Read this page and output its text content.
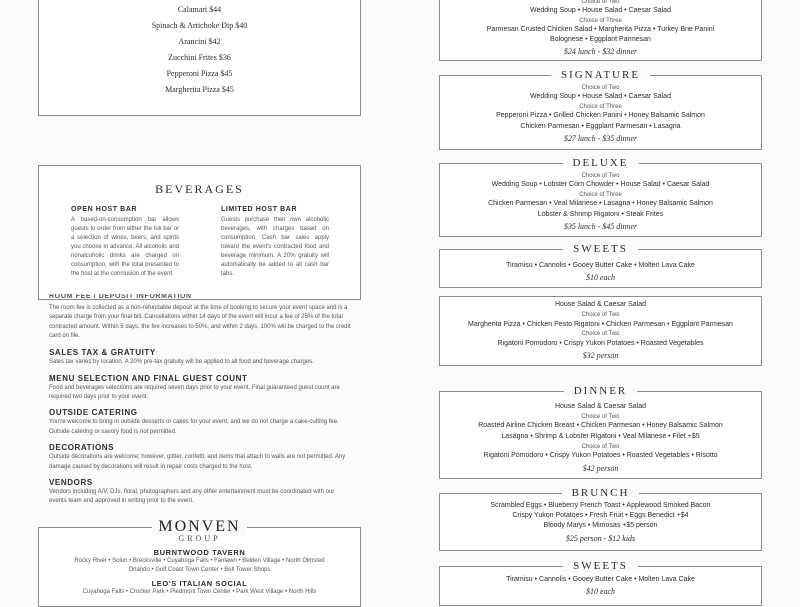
Calamari $44
Spinach & Artichoke Dip $40
Arancini $42
Zucchini Frites $36
Pepperoni Pizza $45
Margherita Pizza $45
BEVERAGES
OPEN HOST BAR
A based-on-consumption bar allows guests to order from either the full bar or a selection of wines, beers, and spirits you choose in advance. All alcoholic and nonalcoholic drinks are charged on consumption, with the total presented to the host at the conclusion of the event.
LIMITED HOST BAR
Guests purchase their own alcoholic beverages, with charges based on consumption. Cash bar sales apply toward the event's contracted food and beverage minimum. A 20% gratuity will automatically be added to all cash bar tabs.
ROOM FEE / DEPOSIT INFORMATION

The room fee is collected as a non-refundable deposit at the time of booking to secure your event space and is a separate charge from your final bill. Cancellations within 14 days of the event will incur a fee of 25% of the total contracted amount. Within 5 days, the fee increases to 50%, and within 2 days, 100% will be charged to the credit card on file.

SALES TAX & GRATUITY

Sales tax varies by location. A 20% pre-tax gratuity will be applied to all food and beverage charges.

MENU SELECTION AND FINAL GUEST COUNT

Food and beverages selections are required seven days prior to your event. Final guaranteed guest count are required two days prior to your event.

OUTSIDE CATERING

You're welcome to bring in outside desserts or cakes for your event, and we do not charge a cake-cutting fee. Outside catering or savory food is not permitted.

DECORATIONS

Outside decorations are welcome; however, glitter, confetti, and items that attach to walls are not permitted. Any damage caused by decorations will result in repair costs charged to the host.

VENDORS

Vendors including A/V, DJs, floral, photographers and any other entertainment must be coordinated with our events team and approved in writing prior to the event.

MONVEN
GROUP
BURNTWOOD TAVERN
Rocky River • Solon • Brecksville • Cuyahoga Falls • Fairlawn • Belden Village • North Olmsted
Orlando • Gulf Coast Town Center • Bell Tower Shops
LEO'S ITALIAN SOCIAL
Cuyahoga Falls • Crocker Park • Piedmont Town Center • Park West Village • North Hills
Choice of Two
Wedding Soup • House Salad • Caesar Salad
Choice of Three
Parmesan Crusted Chicken Salad • Margherita Pizza • Turkey Brie Panini
Bolognese • Eggplant Parmesan
$24 lunch - $32 dinner
SIGNATURE
Choice of Two
Wedding Soup • House Salad • Caesar Salad
Choice of Three
Pepperoni Pizza • Grilled Chicken Panini • Honey Balsamic Salmon
Chicken Parmesan • Eggplant Parmesan • Lasagna
$27 lunch - $35 dinner
DELUXE
Choice of Two
Wedding Soup • Lobster Corn Chowder • House Salad • Caesar Salad
Choice of Three
Chicken Parmesan • Veal Milanese • Lasagna • Honey Balsamic Salmon
Lobster & Shrimp Rigatoni • Steak Frites
$35 lunch - $45 dinner
SWEETS
Tiramisu • Cannolis • Gooey Butter Cake • Molten Lava Cake
$10 each
House Salad & Caesar Salad
Choice of Two
Margherita Pizza • Chicken Pesto Rigatoni • Chicken Parmesan • Eggplant Parmesan
Choice of Two
Rigatoni Pomodoro • Crispy Yukon Potatoes • Roasted Vegetables
$32 person
DINNER
House Salad & Caesar Salad
Choice of Two
Roasted Airline Chicken Breast • Chicken Parmesan • Honey Balsamic Salmon
Lasagna • Shrimp & Lobster Rigatoni • Veal Milanese • Filet +$5
Choice of Two
Rigatoni Pomodoro • Crispy Yukon Potatoes • Roasted Vegetables • Risotto
$42 person
BRUNCH
Scrambled Eggs • Blueberry French Toast • Applewood Smoked Bacon
Crispy Yukon Potatoes • Fresh Fruit • Eggs Benedict +$4
Bloody Marys • Mimosas +$5 person
$25 person - $12 kids
SWEETS
Tiramisu • Cannolis • Gooey Butter Cake • Molten Lava Cake
$10 each
